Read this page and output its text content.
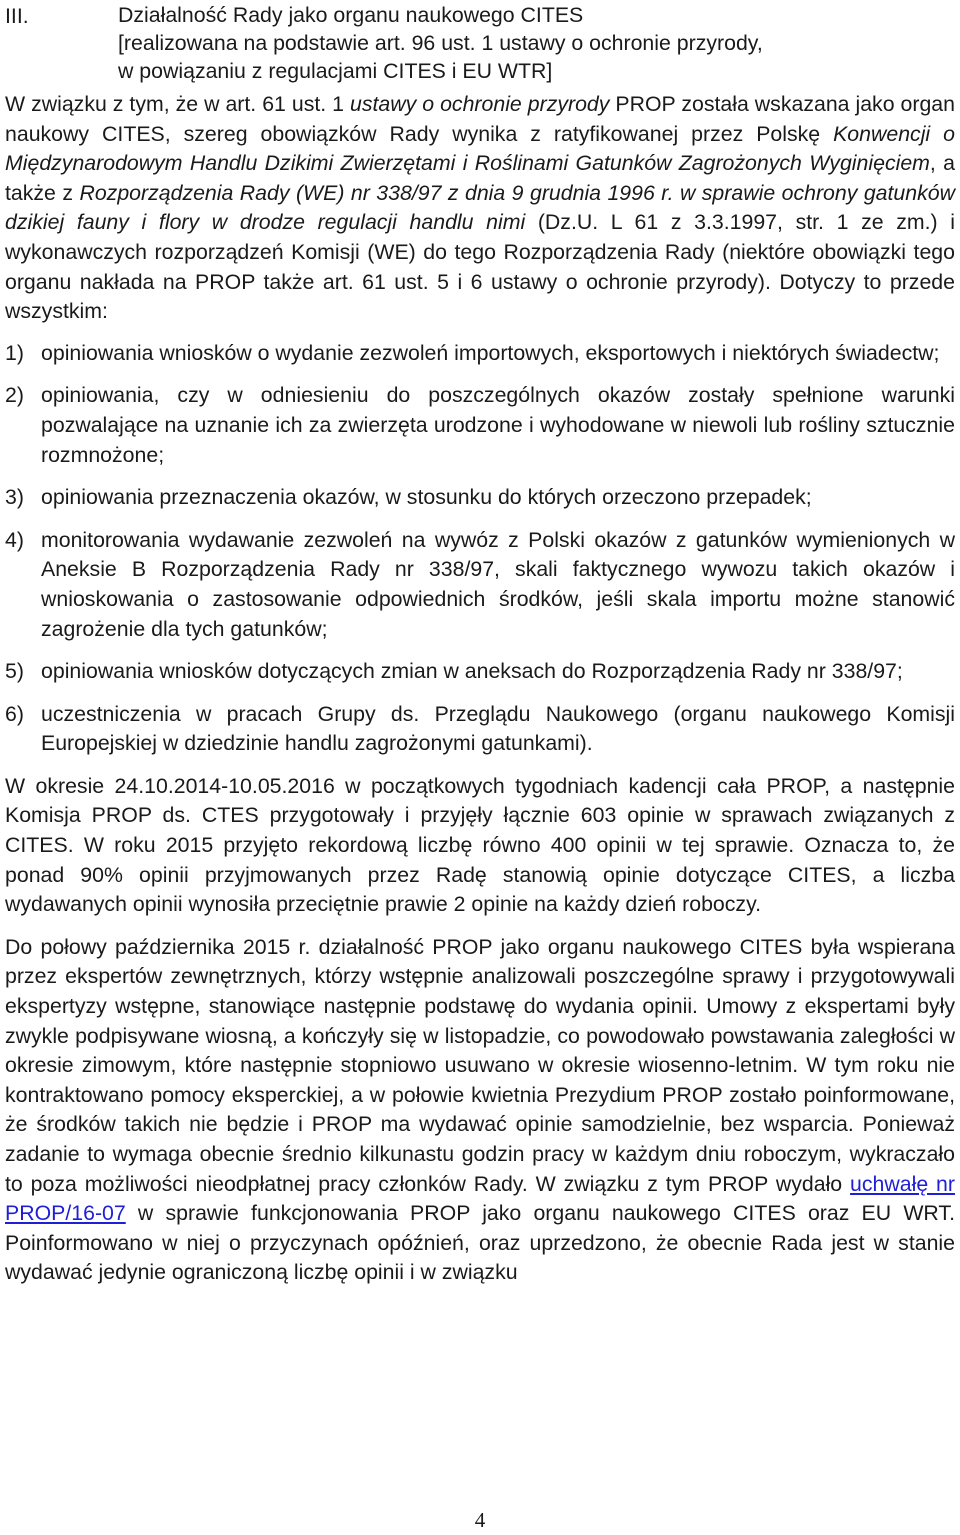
III.	Działalność Rady jako organu naukowego CITES
[realizowana na podstawie art. 96 ust. 1 ustawy o ochronie przyrody,
w powiązaniu z regulacjami CITES i EU WTR]

W związku z tym, że w art. 61 ust. 1 ustawy o ochronie przyrody PROP została wskazana jako organ naukowy CITES, szereg obowiązków Rady wynika z ratyfikowanej przez Polskę Konwencji o Międzynarodowym Handlu Dzikimi Zwierzętami i Roślinami Gatunków Zagrożonych Wyginięciem, a także z Rozporządzenia Rady (WE) nr 338/97 z dnia 9 grudnia 1996 r. w sprawie ochrony gatunków dzikiej fauny i flory w drodze regulacji handlu nimi (Dz.U. L 61 z 3.3.1997, str. 1 ze zm.) i wykonawczych rozporządzeń Komisji (WE) do tego Rozporządzenia Rady (niektóre obowiązki tego organu nakłada na PROP także art. 61 ust. 5 i 6 ustawy o ochronie przyrody). Dotyczy to przede wszystkim:

1) opiniowania wniosków o wydanie zezwoleń importowych, eksportowych i niektórych świadectw;
2) opiniowania, czy w odniesieniu do poszczególnych okazów zostały spełnione warunki pozwalające na uznanie ich za zwierzęta urodzone i wyhodowane w niewoli lub rośliny sztucznie rozmnożone;
3) opiniowania przeznaczenia okazów, w stosunku do których orzeczono przepadek;
4) monitorowania wydawanie zezwoleń na wywóz z Polski okazów z gatunków wymienionych w Aneksie B Rozporządzenia Rady nr 338/97, skali faktycznego wywozu takich okazów i wnioskowania o zastosowanie odpowiednich środków, jeśli skala importu możne stanowić zagrożenie dla tych gatunków;
5) opiniowania wniosków dotyczących zmian w aneksach do Rozporządzenia Rady nr 338/97;
6) uczestniczenia w pracach Grupy ds. Przeglądu Naukowego (organu naukowego Komisji Europejskiej w dziedzinie handlu zagrożonymi gatunkami).

W okresie 24.10.2014-10.05.2016 w początkowych tygodniach kadencji cała PROP, a następnie Komisja PROP ds. CTES przygotowały i przyjęły łącznie 603 opinie w sprawach związanych z CITES. W roku 2015 przyjęto rekordową liczbę równo 400 opinii w tej sprawie. Oznacza to, że ponad 90% opinii przyjmowanych przez Radę stanowią opinie dotyczące CITES, a liczba wydawanych opinii wynosiła przeciętnie prawie 2 opinie na każdy dzień roboczy.

Do połowy października 2015 r. działalność PROP jako organu naukowego CITES była wspierana przez ekspertów zewnętrznych, którzy wstępnie analizowali poszczególne sprawy i przygotowywali ekspertyzy wstępne, stanowiące następnie podstawę do wydania opinii. Umowy z ekspertami były zwykle podpisywane wiosną, a kończyły się w listopadzie, co powodowało powstawania zaległości w okresie zimowym, które następnie stopniowo usuwano w okresie wiosenno-letnim. W tym roku nie kontraktowano pomocy eksperckiej, a w połowie kwietnia Prezydium PROP zostało poinformowane, że środków takich nie będzie i PROP ma wydawać opinie samodzielnie, bez wsparcia. Ponieważ zadanie to wymaga obecnie średnio kilkunastu godzin pracy w każdym dniu roboczym, wykraczało to poza możliwości nieodpłatnej pracy członków Rady. W związku z tym PROP wydało uchwałę nr PROP/16-07 w sprawie funkcjonowania PROP jako organu naukowego CITES oraz EU WRT. Poinformowano w niej o przyczynach opóźnień, oraz uprzedzono, że obecnie Rada jest w stanie wydawać jedynie ograniczoną liczbę opinii i w związku

4
